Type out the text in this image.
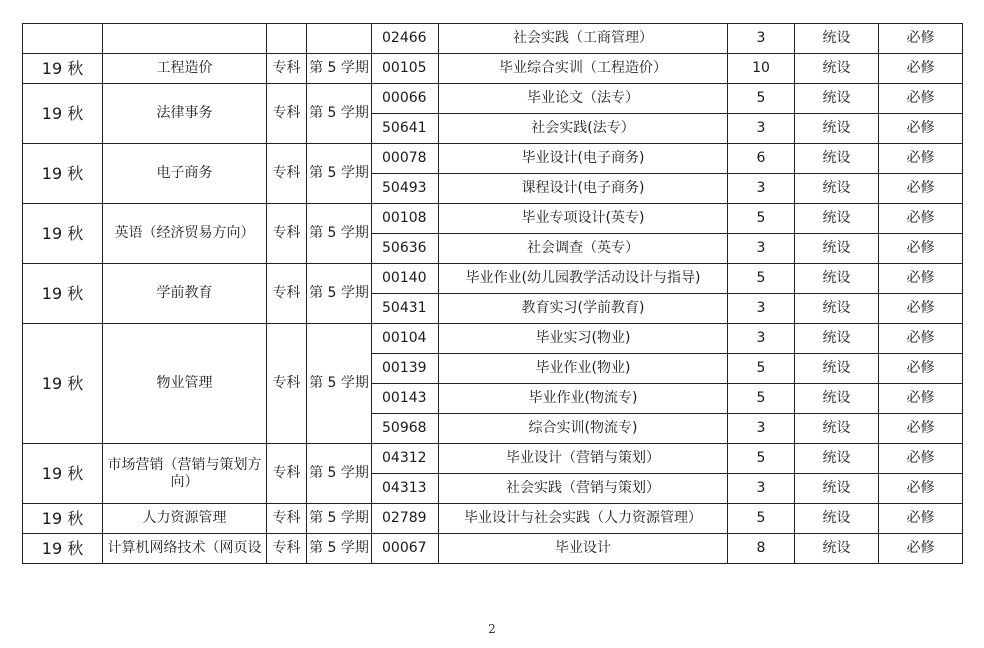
				02466	社会实践（工商管理）	3	统设	必修
19 秋	工程造价	专科	第 5 学期	00105	毕业综合实训（工程造价）	10	统设	必修
19 秋	法律事务	专科	第 5 学期	00066	毕业论文（法专）	5	统设	必修
				50641	社会实践(法专）	3	统设	必修
19 秋	电子商务	专科	第 5 学期	00078	毕业设计(电子商务)	6	统设	必修
				50493	课程设计(电子商务)	3	统设	必修
19 秋	英语（经济贸易方向）	专科	第 5 学期	00108	毕业专项设计(英专)	5	统设	必修
				50636	社会调查（英专）	3	统设	必修
19 秋	学前教育	专科	第 5 学期	00140	毕业作业(幼儿园教学活动设计与指导)	5	统设	必修
				50431	教育实习(学前教育)	3	统设	必修
19 秋	物业管理	专科	第 5 学期	00104	毕业实习(物业)	3	统设	必修
				00139	毕业作业(物业)	5	统设	必修
				00143	毕业作业(物流专)	5	统设	必修
				50968	综合实训(物流专)	3	统设	必修
19 秋	市场营销（营销与策划方向）	专科	第 5 学期	04312	毕业设计（营销与策划）	5	统设	必修
				04313	社会实践（营销与策划）	3	统设	必修
19 秋	人力资源管理	专科	第 5 学期	02789	毕业设计与社会实践（人力资源管理）	5	统设	必修
19 秋	计算机网络技术（网页设	专科	第 5 学期	00067	毕业设计	8	统设	必修
2
